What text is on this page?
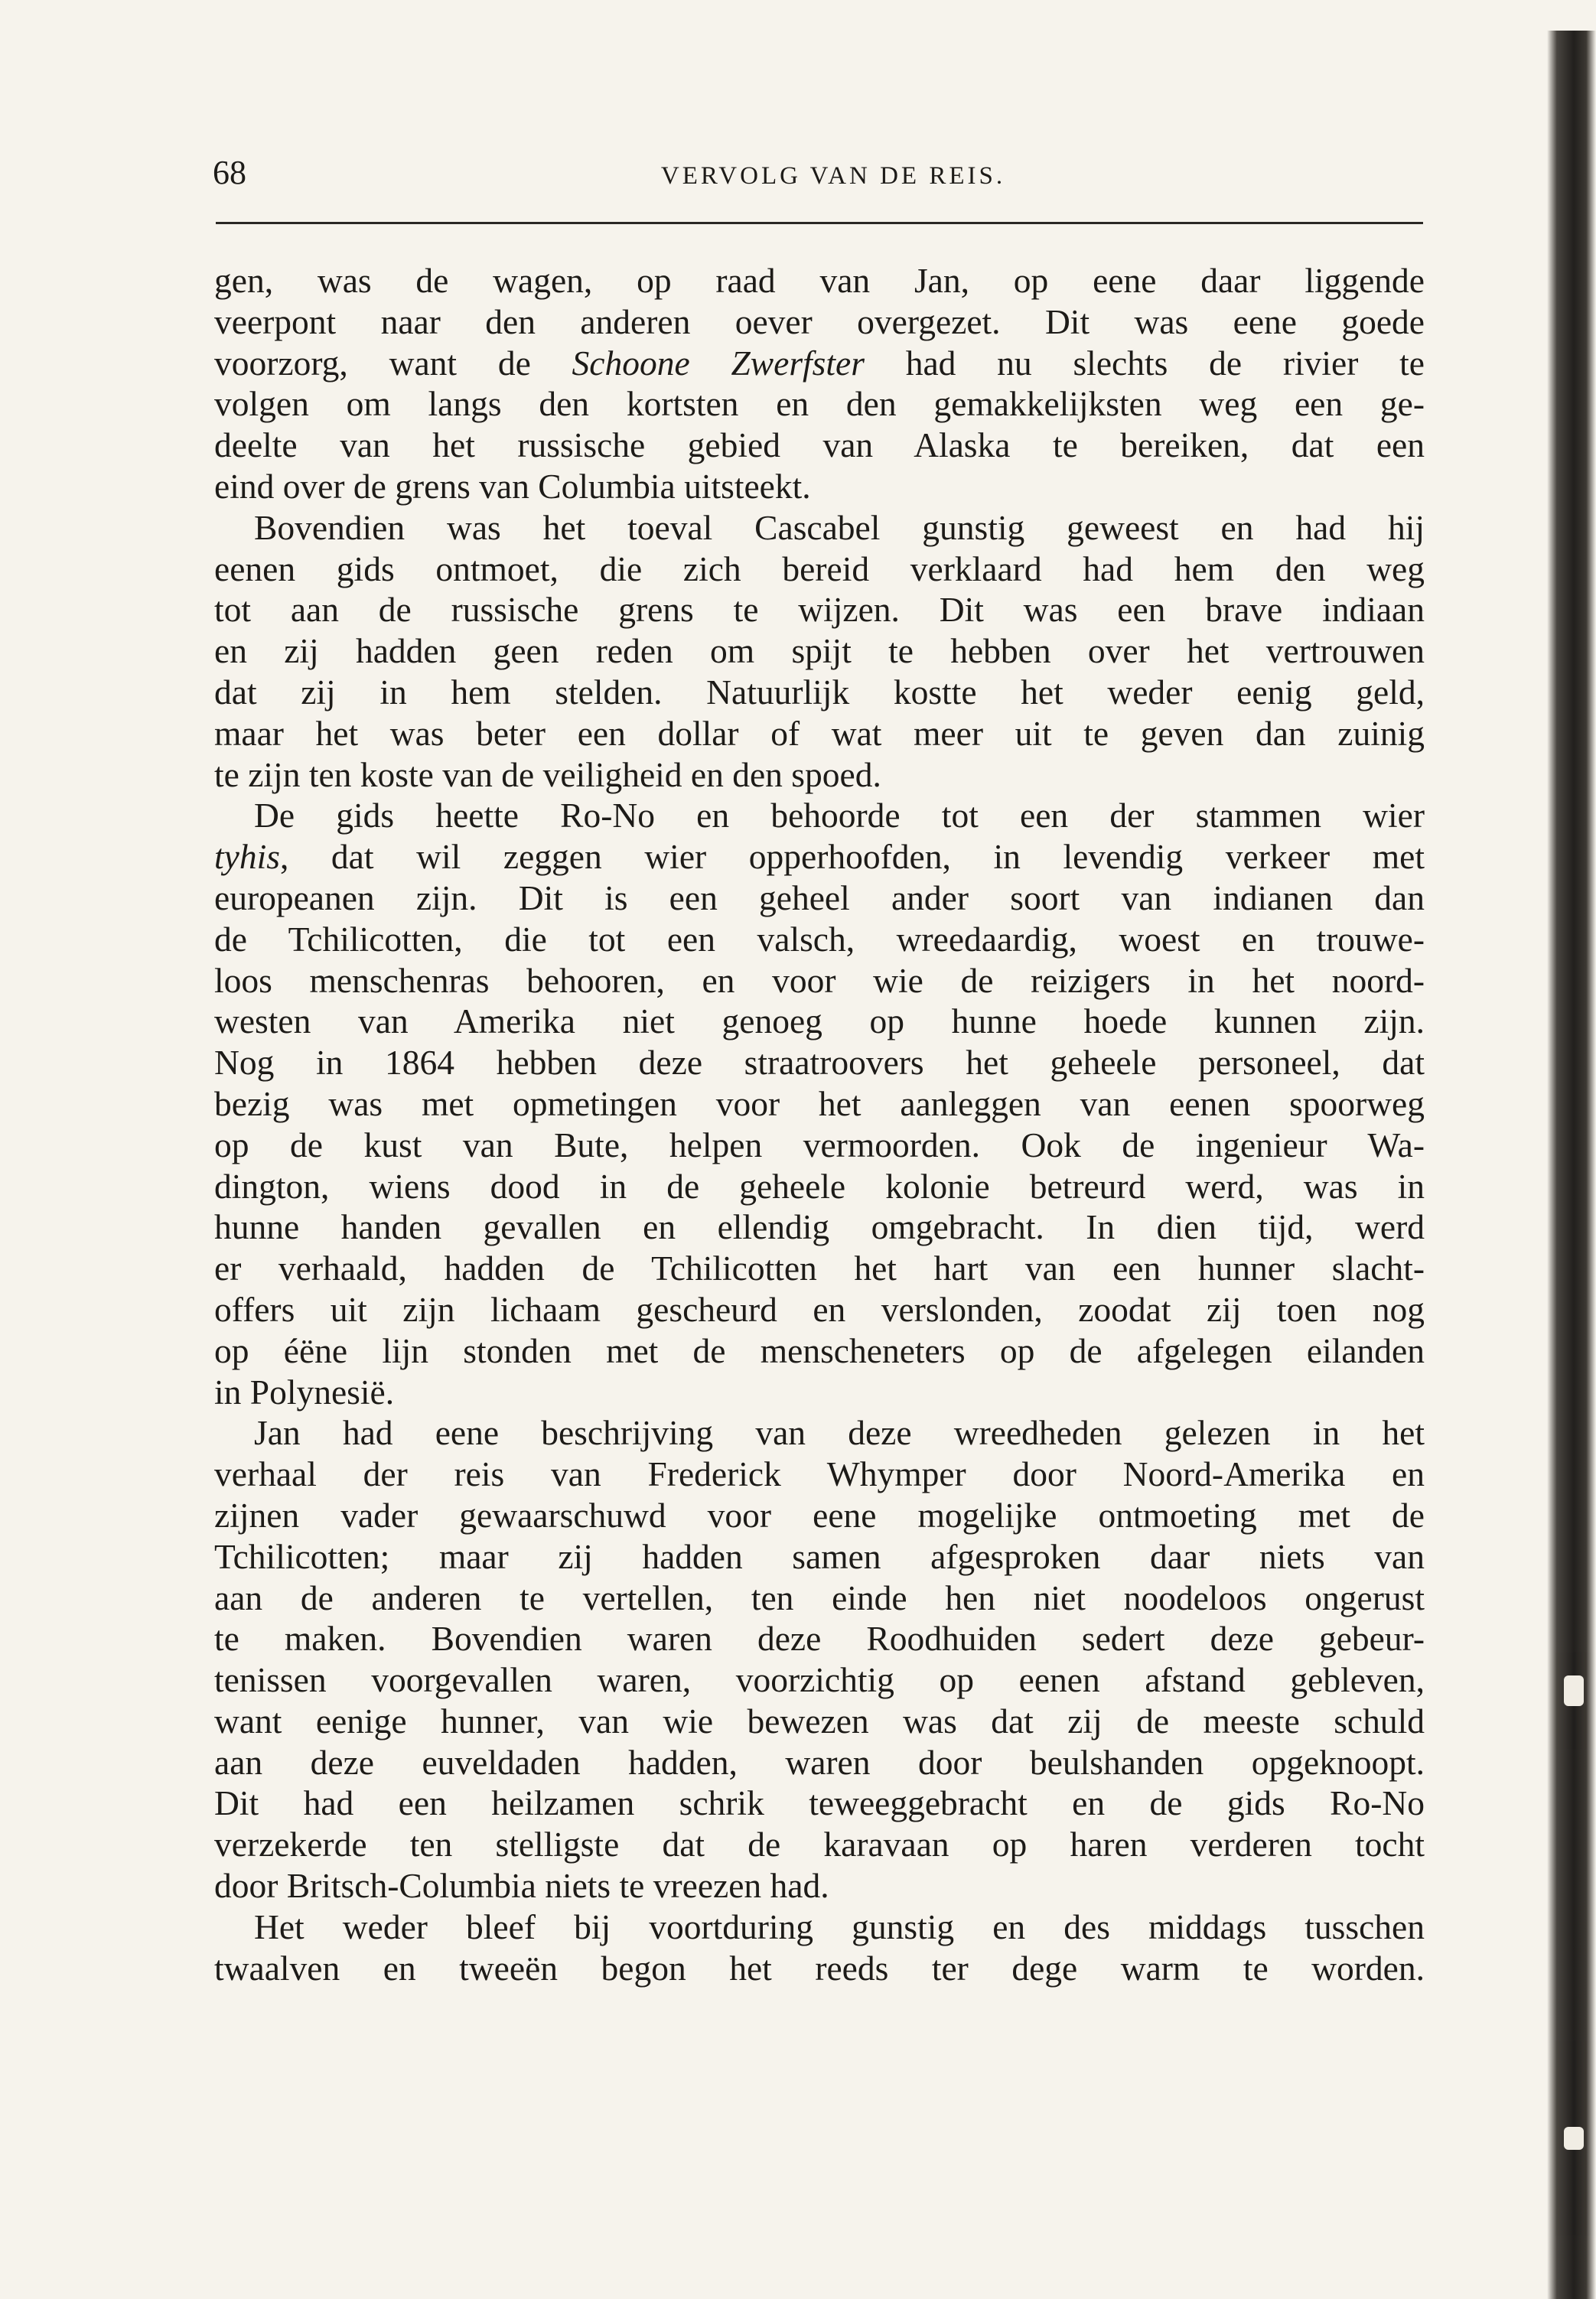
68	VERVOLG VAN DE REIS.
gen, was de wagen, op raad van Jan, op eene daar liggende
veerpont naar den anderen oever overgezet. Dit was eene goede
voorzorg, want de Schoone Zwerfster had nu slechts de rivier te
volgen om langs den kortsten en den gemakkelijksten weg een ge-
deelte van het russische gebied van Alaska te bereiken, dat een
eind over de grens van Columbia uitsteekt.
Bovendien was het toeval Cascabel gunstig geweest en had hij
eenen gids ontmoet, die zich bereid verklaard had hem den weg
tot aan de russische grens te wijzen. Dit was een brave indiaan
en zij hadden geen reden om spijt te hebben over het vertrouwen
dat zij in hem stelden. Natuurlijk kostte het weder eenig geld,
maar het was beter een dollar of wat meer uit te geven dan zuinig
te zijn ten koste van de veiligheid en den spoed.
De gids heette Ro-No en behoorde tot een der stammen wier
tyhis, dat wil zeggen wier opperhoofden, in levendig verkeer met
europeanen zijn. Dit is een geheel ander soort van indianen dan
de Tchilicotten, die tot een valsch, wreedaardig, woest en trouwe-
loos menschenras behooren, en voor wie de reizigers in het noord-
westen van Amerika niet genoeg op hunne hoede kunnen zijn.
Nog in 1864 hebben deze straatroovers het geheele personeel, dat
bezig was met opmetingen voor het aanleggen van eenen spoorweg
op de kust van Bute, helpen vermoorden. Ook de ingenieur Wa-
dington, wiens dood in de geheele kolonie betreurd werd, was in
hunne handen gevallen en ellendig omgebracht. In dien tijd, werd
er verhaald, hadden de Tchilicotten het hart van een hunner slacht-
offers uit zijn lichaam gescheurd en verslonden, zoodat zij toen nog
op éëne lijn stonden met de menscheneters op de afgelegen eilanden
in Polynesië.
Jan had eene beschrijving van deze wreedheden gelezen in het
verhaal der reis van Frederick Whymper door Noord-Amerika en
zijnen vader gewaarschuwd voor eene mogelijke ontmoeting met de
Tchilicotten; maar zij hadden samen afgesproken daar niets van
aan de anderen te vertellen, ten einde hen niet noodeloos ongerust
te maken. Bovendien waren deze Roodhuiden sedert deze gebeur-
tenissen voorgevallen waren, voorzichtig op eenen afstand gebleven,
want eenige hunner, van wie bewezen was dat zij de meeste schuld
aan deze euveldaden hadden, waren door beulshanden opgeknoopt.
Dit had een heilzamen schrik teweeggebracht en de gids Ro-No
verzekerde ten stelligste dat de karavaan op haren verderen tocht
door Britsch-Columbia niets te vreezen had.
Het weder bleef bij voortduring gunstig en des middags tusschen
twaalven en tweeën begon het reeds ter dege warm te worden.
